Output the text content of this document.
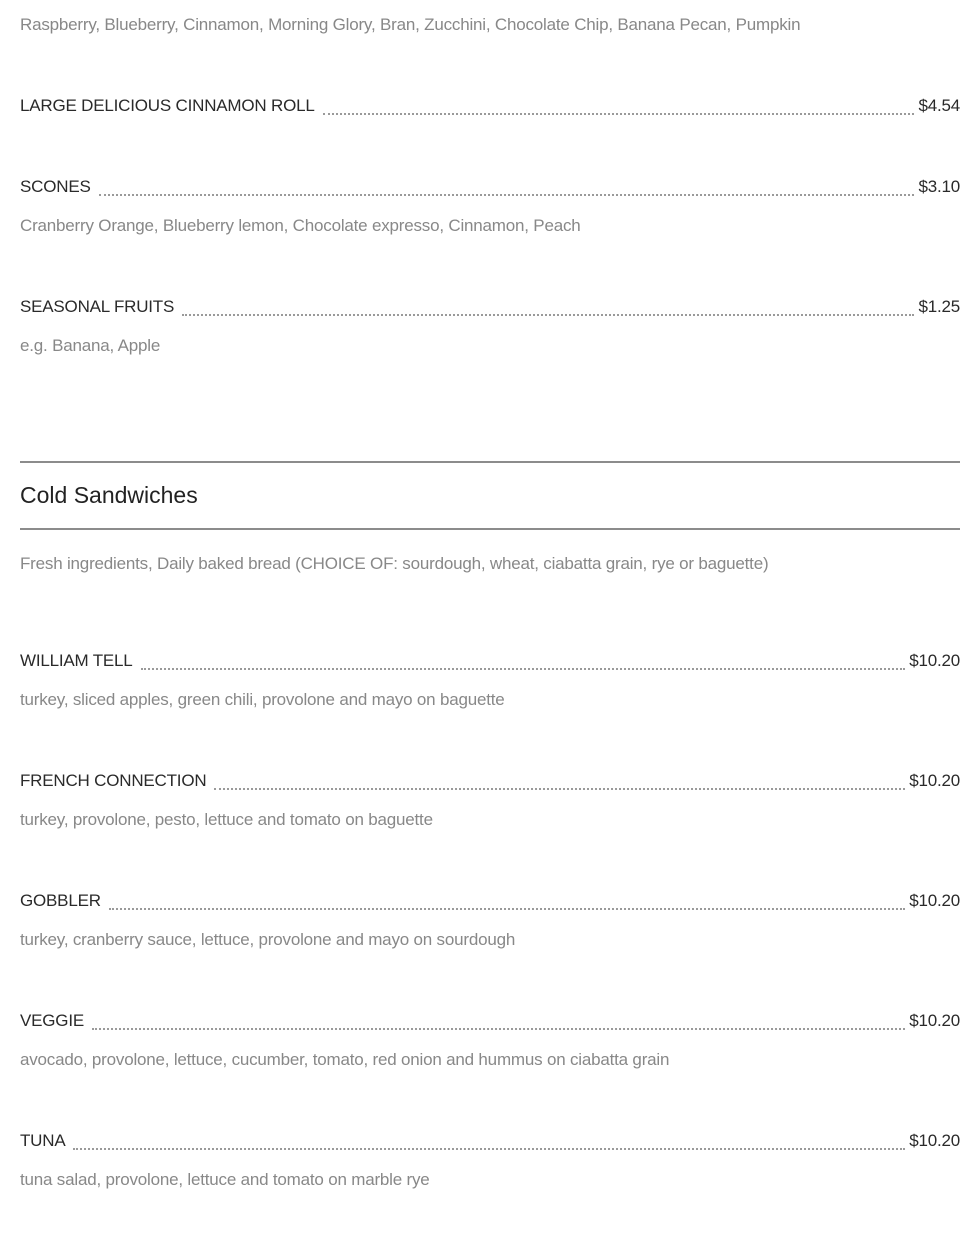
Raspberry, Blueberry, Cinnamon, Morning Glory, Bran, Zucchini, Chocolate Chip, Banana Pecan, Pumpkin
LARGE DELICIOUS CINNAMON ROLL	$4.54
SCONES	$3.10
Cranberry Orange, Blueberry lemon, Chocolate expresso, Cinnamon, Peach
SEASONAL FRUITS	$1.25
e.g. Banana, Apple
Cold Sandwiches
Fresh ingredients, Daily baked bread (CHOICE OF: sourdough, wheat, ciabatta grain, rye or baguette)
WILLIAM TELL	$10.20
turkey, sliced apples, green chili, provolone and mayo on baguette
FRENCH CONNECTION	$10.20
turkey, provolone, pesto, lettuce and tomato on baguette
GOBBLER	$10.20
turkey, cranberry sauce, lettuce, provolone and mayo on sourdough
VEGGIE	$10.20
avocado, provolone, lettuce, cucumber, tomato, red onion and hummus on ciabatta grain
TUNA	$10.20
tuna salad, provolone, lettuce and tomato on marble rye
